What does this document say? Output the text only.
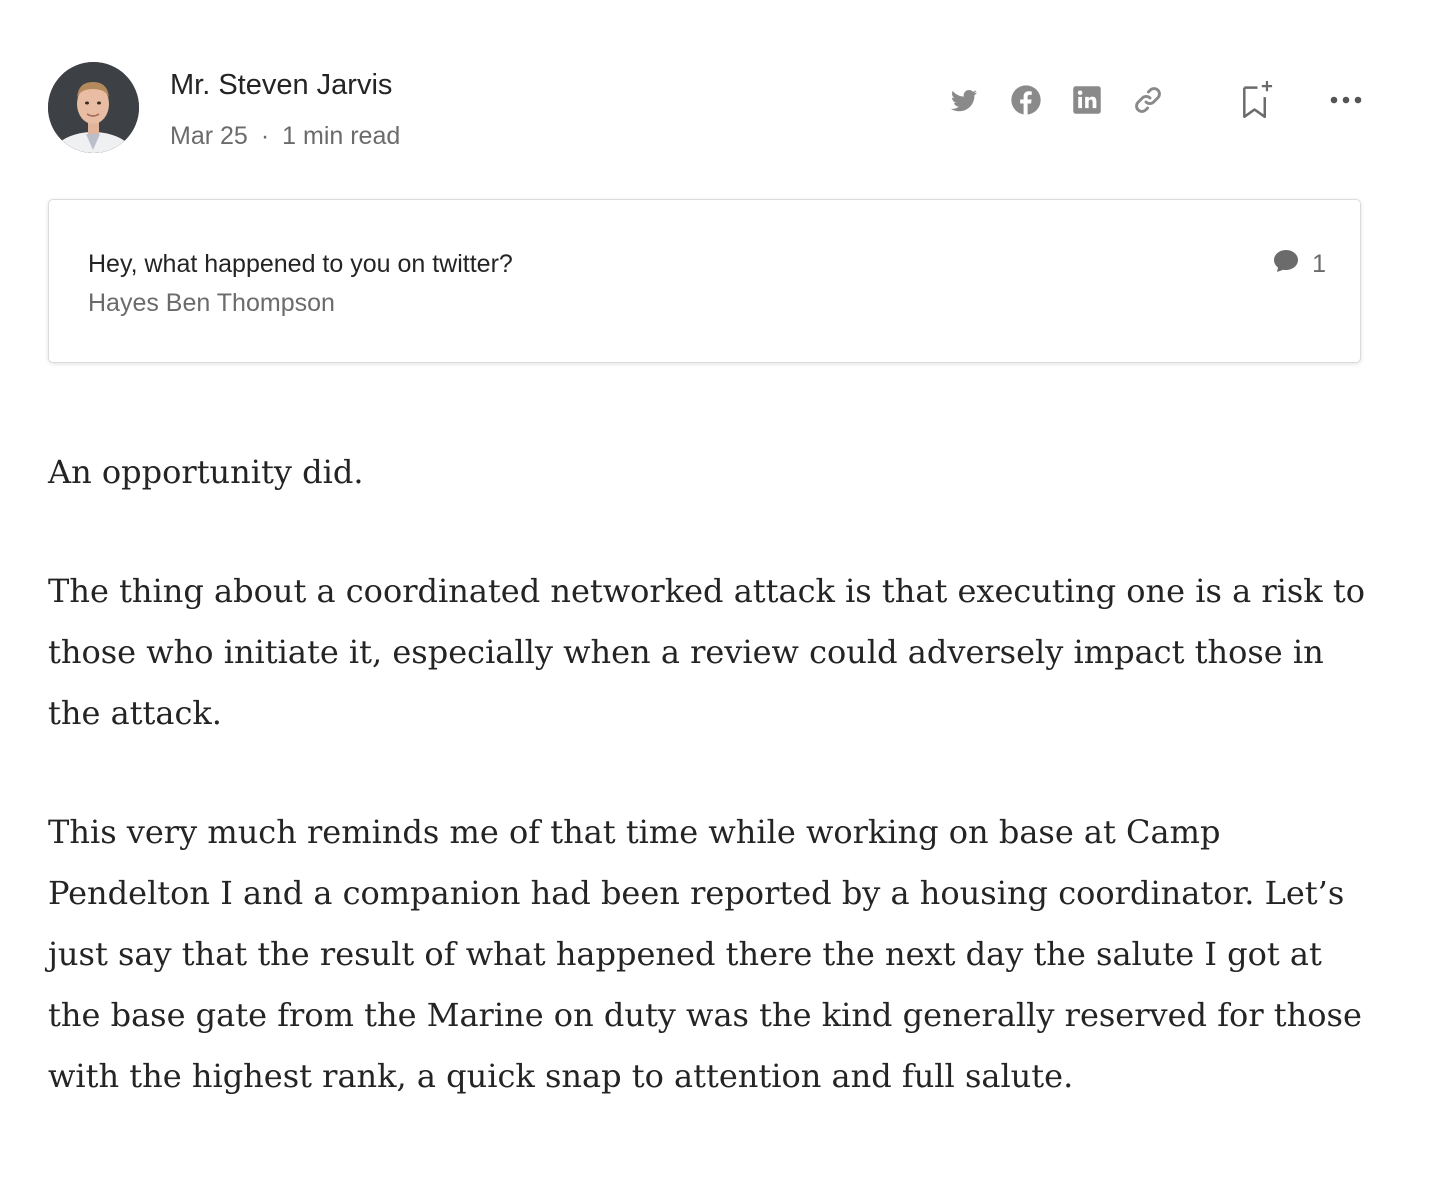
Mr. Steven Jarvis
Mar 25 · 1 min read
Hey, what happened to you on twitter?
Hayes Ben Thompson
1

An opportunity did.

The thing about a coordinated networked attack is that executing one is a risk to those who initiate it, especially when a review could adversely impact those in the attack.

This very much reminds me of that time while working on base at Camp Pendelton I and a companion had been reported by a housing coordinator. Let’s just say that the result of what happened there the next day the salute I got at the base gate from the Marine on duty was the kind generally reserved for those with the highest rank, a quick snap to attention and full salute.
